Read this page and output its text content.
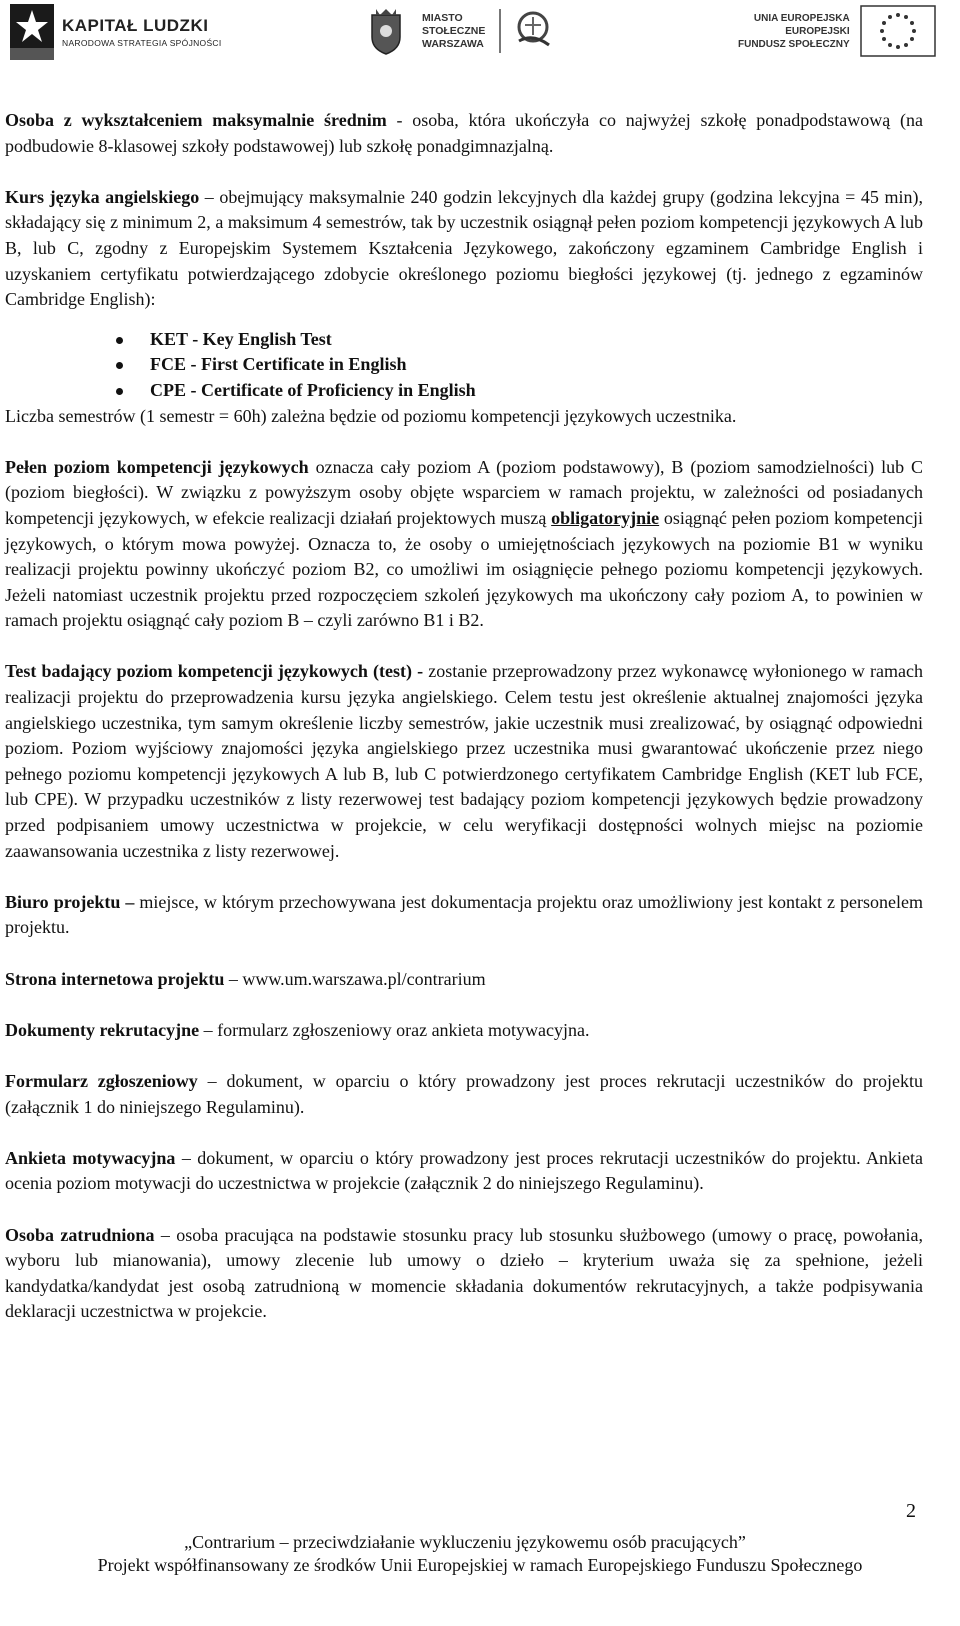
KAPITAŁ LUDZKI
NARODOWA STRATEGIA SPÓJNOŚCI
MIASTO
STOŁECZNE
WARSZAWA
UNIA EUROPEJSKA
EUROPEJSKI
FUNDUSZ SPOŁECZNY

Osoba z wykształceniem maksymalnie średnim - osoba, która ukończyła co najwyżej szkołę ponadpodstawową (na podbudowie 8-klasowej szkoły podstawowej) lub szkołę ponadgimnazjalną.

Kurs języka angielskiego – obejmujący maksymalnie 240 godzin lekcyjnych dla każdej grupy (godzina lekcyjna = 45 min), składający się z minimum 2, a maksimum 4 semestrów, tak by uczestnik osiągnął pełen poziom kompetencji językowych A lub B, lub C, zgodny z Europejskim Systemem Kształcenia Językowego, zakończony egzaminem Cambridge English i uzyskaniem certyfikatu potwierdzającego zdobycie określonego poziomu biegłości językowej (tj. jednego z egzaminów Cambridge English):

KET - Key English Test
FCE - First Certificate in English
CPE - Certificate of Proficiency in English

Liczba semestrów (1 semestr = 60h) zależna będzie od poziomu kompetencji językowych uczestnika.

Pełen poziom kompetencji językowych oznacza cały poziom A (poziom podstawowy), B (poziom samodzielności) lub C (poziom biegłości). W związku z powyższym osoby objęte wsparciem w ramach projektu, w zależności od posiadanych kompetencji językowych, w efekcie realizacji działań projektowych muszą obligatoryjnie osiągnąć pełen poziom kompetencji językowych, o którym mowa powyżej. Oznacza to, że osoby o umiejętnościach językowych na poziomie B1 w wyniku realizacji projektu powinny ukończyć poziom B2, co umożliwi im osiągnięcie pełnego poziomu kompetencji językowych. Jeżeli natomiast uczestnik projektu przed rozpoczęciem szkoleń językowych ma ukończony cały poziom A, to powinien w ramach projektu osiągnąć cały poziom B – czyli zarówno B1 i B2.

Test badający poziom kompetencji językowych (test) - zostanie przeprowadzony przez wykonawcę wyłonionego w ramach realizacji projektu do przeprowadzenia kursu języka angielskiego. Celem testu jest określenie aktualnej znajomości języka angielskiego uczestnika, tym samym określenie liczby semestrów, jakie uczestnik musi zrealizować, by osiągnąć odpowiedni poziom. Poziom wyjściowy znajomości języka angielskiego przez uczestnika musi gwarantować ukończenie przez niego pełnego poziomu kompetencji językowych A lub B, lub C potwierdzonego certyfikatem Cambridge English (KET lub FCE, lub CPE). W przypadku uczestników z listy rezerwowej test badający poziom kompetencji językowych będzie prowadzony przed podpisaniem umowy uczestnictwa w projekcie, w celu weryfikacji dostępności wolnych miejsc na poziomie zaawansowania uczestnika z listy rezerwowej.

Biuro projektu – miejsce, w którym przechowywana jest dokumentacja projektu oraz umożliwiony jest kontakt z personelem projektu.

Strona internetowa projektu – www.um.warszawa.pl/contrarium

Dokumenty rekrutacyjne – formularz zgłoszeniowy oraz ankieta motywacyjna.

Formularz zgłoszeniowy – dokument, w oparciu o który prowadzony jest proces rekrutacji uczestników do projektu (załącznik 1 do niniejszego Regulaminu).

Ankieta motywacyjna – dokument, w oparciu o który prowadzony jest proces rekrutacji uczestników do projektu. Ankieta ocenia poziom motywacji do uczestnictwa w projekcie (załącznik 2 do niniejszego Regulaminu).

Osoba zatrudniona – osoba pracująca na podstawie stosunku pracy lub stosunku służbowego (umowy o pracę, powołania, wyboru lub mianowania), umowy zlecenie lub umowy o dzieło – kryterium uważa się za spełnione, jeżeli kandydatka/kandydat jest osobą zatrudnioną w momencie składania dokumentów rekrutacyjnych, a także podpisywania deklaracji uczestnictwa w projekcie.

2
„Contrarium – przeciwdziałanie wykluczeniu językowemu osób pracujących”
Projekt współfinansowany ze środków Unii Europejskiej w ramach Europejskiego Funduszu Społecznego
